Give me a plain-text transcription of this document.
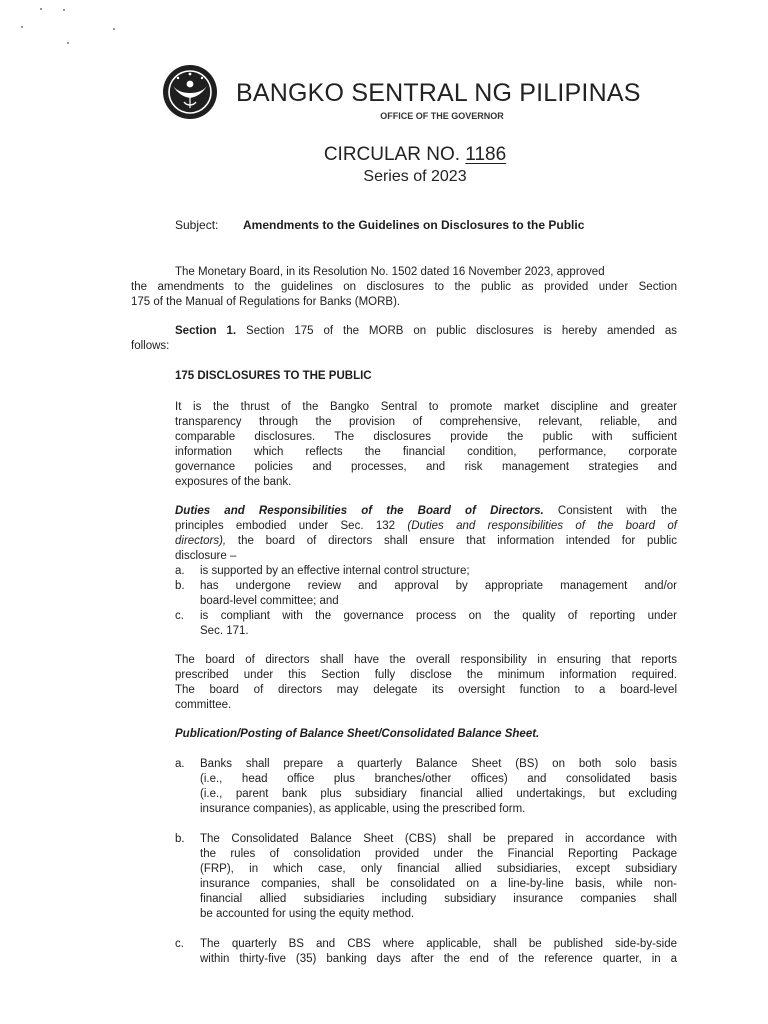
BANGKO SENTRAL NG PILIPINAS
OFFICE OF THE GOVERNOR
CIRCULAR NO. 1186
Series of 2023
Subject: Amendments to the Guidelines on Disclosures to the Public
The Monetary Board, in its Resolution No. 1502 dated 16 November 2023, approved
the amendments to the guidelines on disclosures to the public as provided under Section
175 of the Manual of Regulations for Banks (MORB).
Section 1. Section 175 of the MORB on public disclosures is hereby amended as
follows:
175 DISCLOSURES TO THE PUBLIC
It is the thrust of the Bangko Sentral to promote market discipline and greater
transparency through the provision of comprehensive, relevant, reliable, and
comparable disclosures. The disclosures provide the public with sufficient
information which reflects the financial condition, performance, corporate
governance policies and processes, and risk management strategies and
exposures of the bank.
Duties and Responsibilities of the Board of Directors. Consistent with the
principles embodied under Sec. 132 (Duties and responsibilities of the board of
directors), the board of directors shall ensure that information intended for public
disclosure –
a. is supported by an effective internal control structure;
b. has undergone review and approval by appropriate management and/or
board-level committee; and
c. is compliant with the governance process on the quality of reporting under
Sec. 171.
The board of directors shall have the overall responsibility in ensuring that reports
prescribed under this Section fully disclose the minimum information required.
The board of directors may delegate its oversight function to a board-level
committee.
Publication/Posting of Balance Sheet/Consolidated Balance Sheet.
a. Banks shall prepare a quarterly Balance Sheet (BS) on both solo basis
(i.e., head office plus branches/other offices) and consolidated basis
(i.e., parent bank plus subsidiary financial allied undertakings, but excluding
insurance companies), as applicable, using the prescribed form.
b. The Consolidated Balance Sheet (CBS) shall be prepared in accordance with
the rules of consolidation provided under the Financial Reporting Package
(FRP), in which case, only financial allied subsidiaries, except subsidiary
insurance companies, shall be consolidated on a line-by-line basis, while non-
financial allied subsidiaries including subsidiary insurance companies shall
be accounted for using the equity method.
c. The quarterly BS and CBS where applicable, shall be published side-by-side
within thirty-five (35) banking days after the end of the reference quarter, in a
